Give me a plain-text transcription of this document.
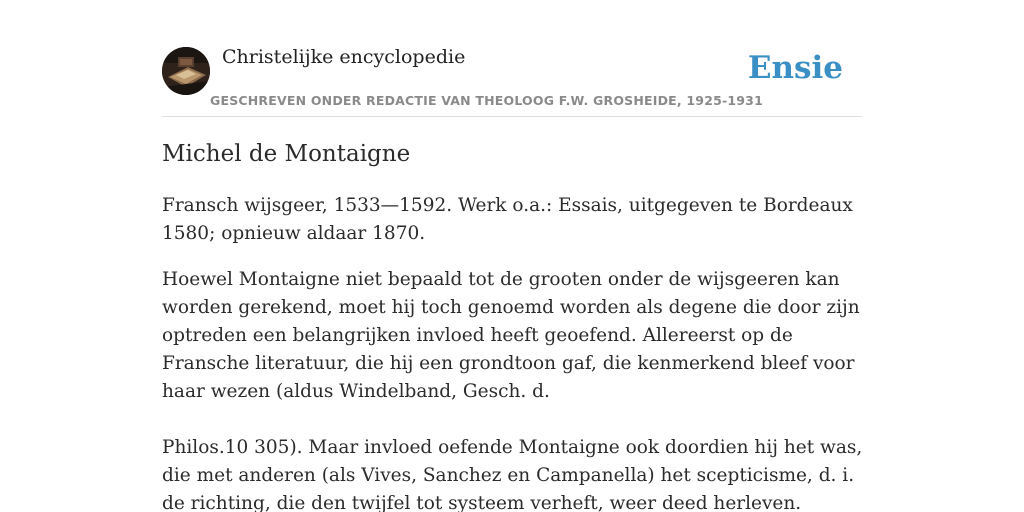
Christelijke encyclopedie
GESCHREVEN ONDER REDACTIE VAN THEOLOOG F.W. GROSHEIDE, 1925-1931
Ensie
Michel de Montaigne

Fransch wijsgeer, 1533—1592. Werk o.a.: Essais, uitgegeven te Bordeaux 1580; opnieuw aldaar 1870.

Hoewel Montaigne niet bepaald tot de grooten onder de wijsgeeren kan worden gerekend, moet hij toch genoemd worden als degene die door zijn optreden een belangrijken invloed heeft geoefend. Allereerst op de Fransche literatuur, die hij een grondtoon gaf, die kenmerkend bleef voor haar wezen (aldus Windelband, Gesch. d.

Philos.10 305). Maar invloed oefende Montaigne ook doordien hij het was, die met anderen (als Vives, Sanchez en Campanella) het scepticisme, d. i. de richting, die den twijfel tot systeem verheft, weer deed herleven.
